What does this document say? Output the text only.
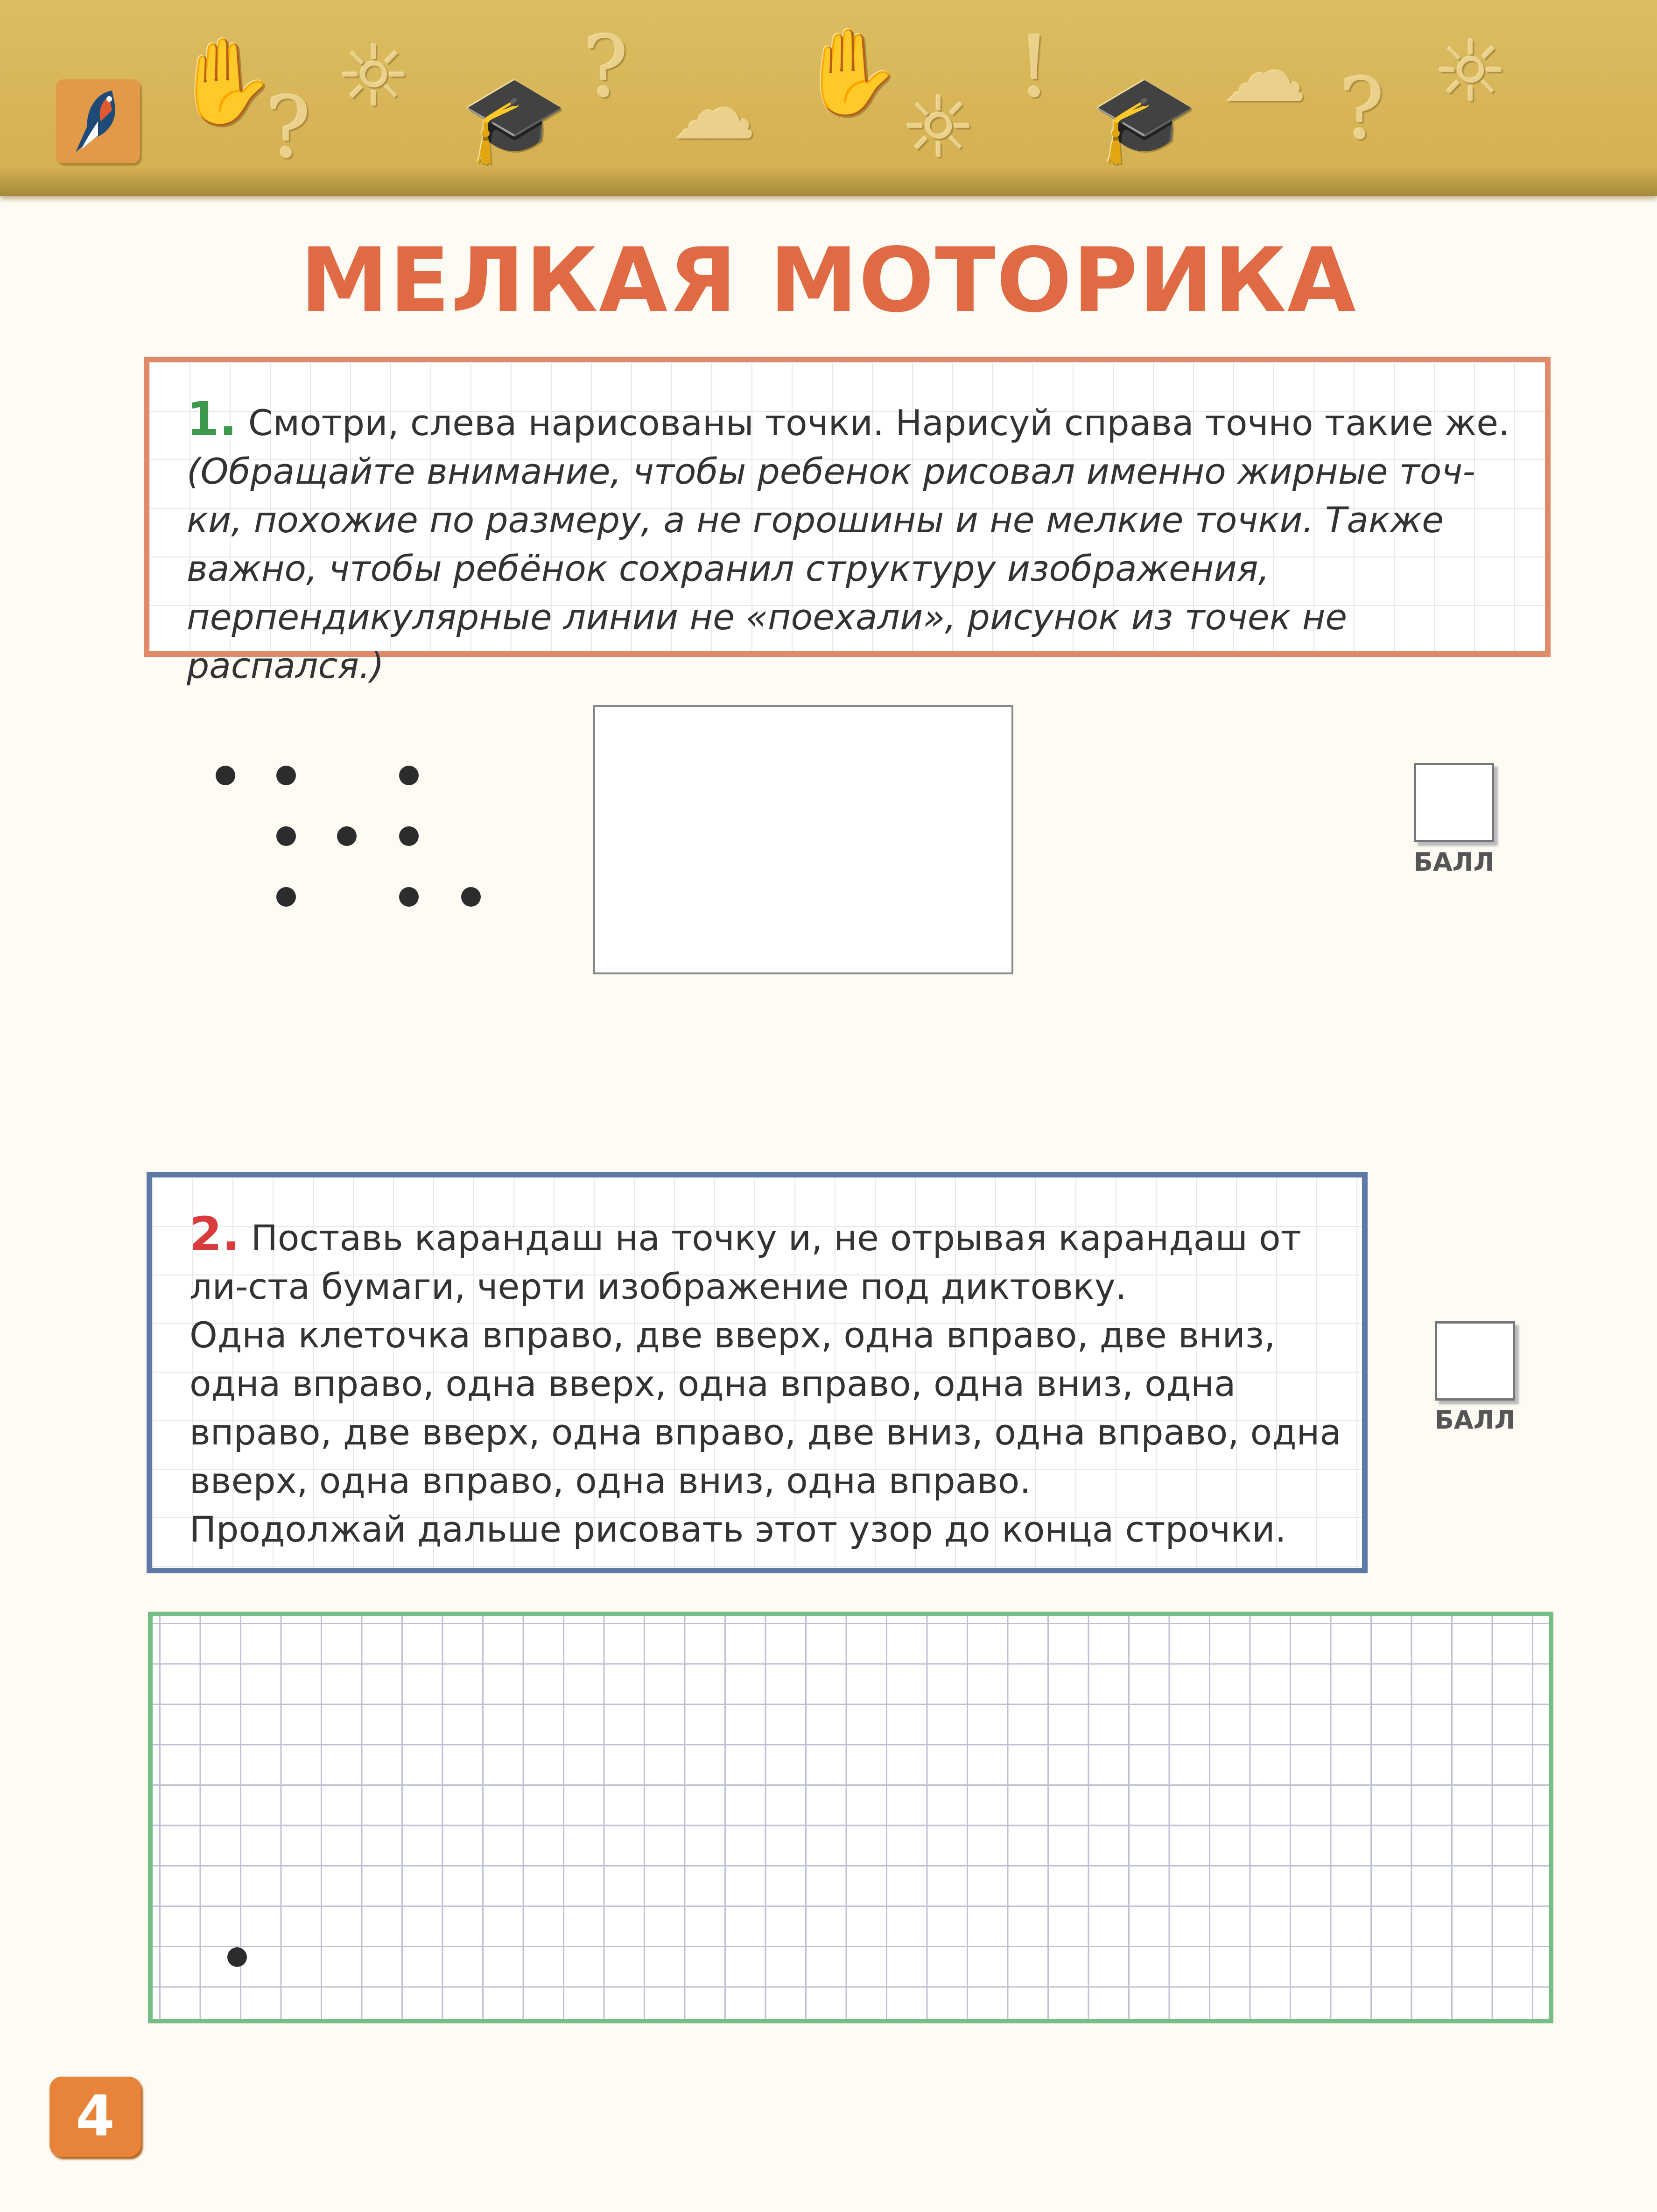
✋
?
☼ 🎓
? ☁ ✋
☼
!
🎓 ☁ ? ☼
МЕЛКАЯ МОТОРИКА
1. Смотри, слева нарисованы точки. Нарисуй справа точно такие же.
(Обращайте внимание, чтобы ребенок рисовал именно жирные точ-ки, похожие по размеру, а не горошины и не мелкие точки. Также важно, чтобы ребёнок сохранил структуру изображения, перпендикулярные линии не «поехали», рисунок из точек не распался.)
БАЛЛ
2. Поставь карандаш на точку и, не отрывая карандаш от ли-ста бумаги, черти изображение под диктовку.
Одна клеточка вправо, две вверх, одна вправо, две вниз, одна вправо, одна вверх, одна вправо, одна вниз, одна вправо, две вверх, одна вправо, две вниз, одна вправо, одна вверх, одна вправо, одна вниз, одна вправо.
Продолжай дальше рисовать этот узор до конца строчки.
БАЛЛ
4
